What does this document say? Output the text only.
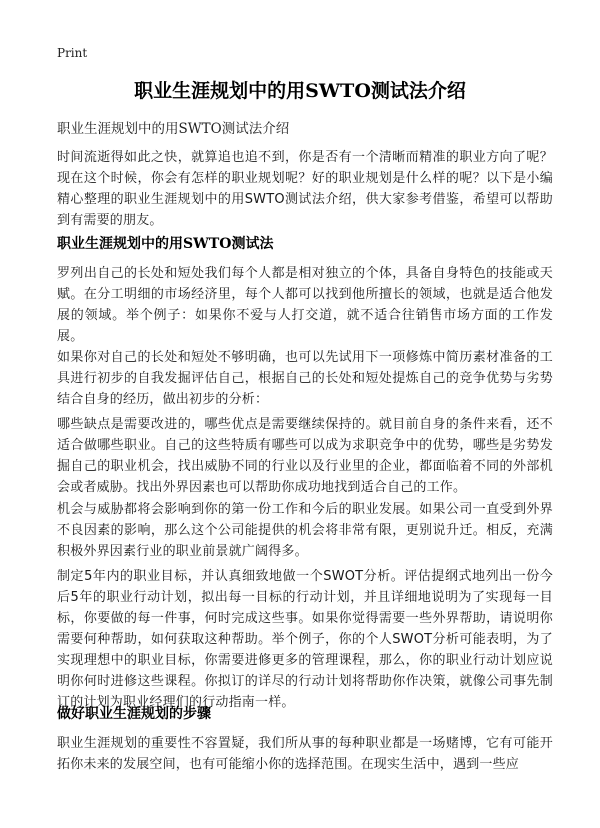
Print
职业生涯规划中的用SWTO测试法介绍

职业生涯规划中的用SWTO测试法介绍

时间流逝得如此之快，就算追也追不到，你是否有一个清晰而精准的职业方向了呢？现在这个时候，你会有怎样的职业规划呢？好的职业规划是什么样的呢？以下是小编精心整理的职业生涯规划中的用SWTO测试法介绍，供大家参考借鉴，希望可以帮助到有需要的朋友。

职业生涯规划中的用SWTO测试法

罗列出自己的长处和短处我们每个人都是相对独立的个体，具备自身特色的技能或天赋。在分工明细的市场经济里，每个人都可以找到他所擅长的领域，也就是适合他发展的领域。举个例子：如果你不爱与人打交道，就不适合往销售市场方面的工作发展。

如果你对自己的长处和短处不够明确，也可以先试用下一项修炼中简历素材准备的工具进行初步的自我发掘评估自己，根据自己的长处和短处提炼自己的竞争优势与劣势结合自身的经历，做出初步的分析：

哪些缺点是需要改进的，哪些优点是需要继续保持的。就目前自身的条件来看，还不适合做哪些职业。自己的这些特质有哪些可以成为求职竞争中的优势，哪些是劣势发掘自己的职业机会，找出威胁不同的行业以及行业里的企业，都面临着不同的外部机会或者威胁。找出外界因素也可以帮助你成功地找到适合自己的工作。

机会与威胁都将会影响到你的第一份工作和今后的职业发展。如果公司一直受到外界不良因素的影响，那么这个公司能提供的机会将非常有限，更别说升迁。相反，充满积极外界因素行业的职业前景就广阔得多。

制定5年内的职业目标，并认真细致地做一个SWOT分析。评估提纲式地列出一份今后5年的职业行动计划，拟出每一目标的行动计划，并且详细地说明为了实现每一目标，你要做的每一件事，何时完成这些事。如果你觉得需要一些外界帮助，请说明你需要何种帮助，如何获取这种帮助。举个例子，你的个人SWOT分析可能表明，为了实现理想中的职业目标，你需要进修更多的管理课程，那么，你的职业行动计划应说明你何时进修这些课程。你拟订的详尽的行动计划将帮助你作决策，就像公司事先制订的计划为职业经理们的行动指南一样。

做好职业生涯规划的步骤

职业生涯规划的重要性不容置疑，我们所从事的每种职业都是一场赌博，它有可能开拓你未来的发展空间，也有可能缩小你的选择范围。在现实生活中，遇到一些应
